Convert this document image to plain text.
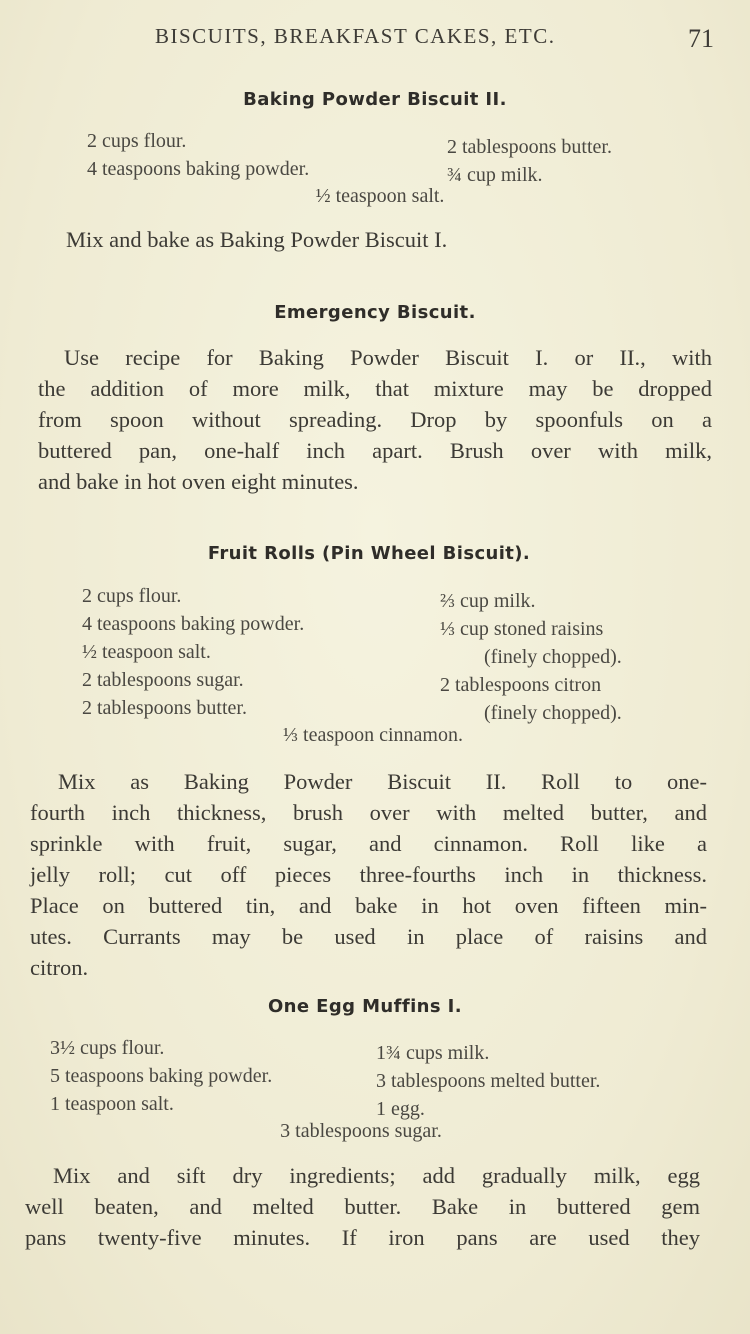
BISCUITS, BREAKFAST CAKES, ETC.	71
Baking Powder Biscuit II.
2 cups flour.
4 teaspoons baking powder.
2 tablespoons butter.
¾ cup milk.
½ teaspoon salt.
Mix and bake as Baking Powder Biscuit I.
Emergency Biscuit.
Use recipe for Baking Powder Biscuit I. or II., with
the addition of more milk, that mixture may be dropped
from spoon without spreading. Drop by spoonfuls on a
buttered pan, one-half inch apart. Brush over with milk,
and bake in hot oven eight minutes.
Fruit Rolls (Pin Wheel Biscuit).
2 cups flour.
4 teaspoons baking powder.
½ teaspoon salt.
2 tablespoons sugar.
2 tablespoons butter.
⅔ cup milk.
⅓ cup stoned raisins
(finely chopped).
2 tablespoons citron
(finely chopped).
⅓ teaspoon cinnamon.
Mix as Baking Powder Biscuit II. Roll to one-
fourth inch thickness, brush over with melted butter, and
sprinkle with fruit, sugar, and cinnamon. Roll like a
jelly roll; cut off pieces three-fourths inch in thickness.
Place on buttered tin, and bake in hot oven fifteen min-
utes. Currants may be used in place of raisins and
citron.
One Egg Muffins I.
3½ cups flour.
5 teaspoons baking powder.
1 teaspoon salt.
1¾ cups milk.
3 tablespoons melted butter.
1 egg.
3 tablespoons sugar.
Mix and sift dry ingredients; add gradually milk, egg
well beaten, and melted butter. Bake in buttered gem
pans twenty-five minutes. If iron pans are used they
